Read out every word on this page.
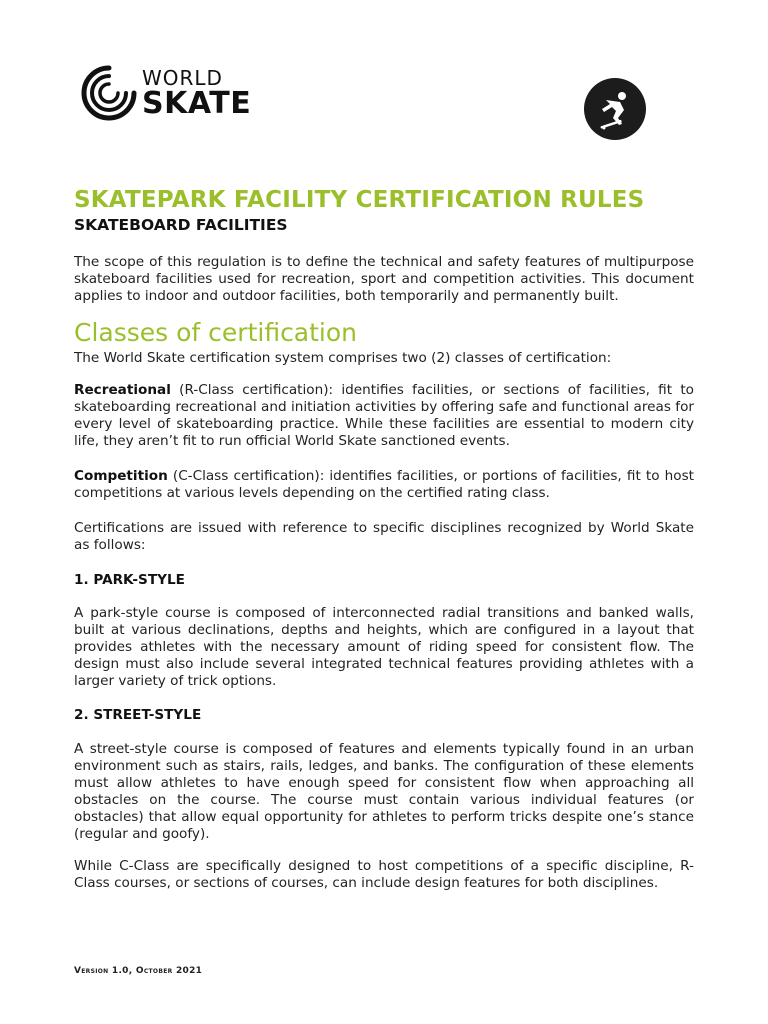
WORLD
SKATE
SKATEPARK FACILITY CERTIFICATION RULES
SKATEBOARD FACILITIES
The scope of this regulation is to define the technical and safety features of multipurpose skateboard facilities used for recreation, sport and competition activities. This document applies to indoor and outdoor facilities, both temporarily and permanently built.
Classes of certification
The World Skate certification system comprises two (2) classes of certification:
Recreational (R-Class certification): identifies facilities, or sections of facilities, fit to skateboarding recreational and initiation activities by offering safe and functional areas for every level of skateboarding practice. While these facilities are essential to modern city life, they aren’t fit to run official World Skate sanctioned events.
Competition (C-Class certification): identifies facilities, or portions of facilities, fit to host competitions at various levels depending on the certified rating class.
Certifications are issued with reference to specific disciplines recognized by World Skate as follows:
1. PARK-STYLE
A park-style course is composed of interconnected radial transitions and banked walls, built at various declinations, depths and heights, which are configured in a layout that provides athletes with the necessary amount of riding speed for consistent flow. The design must also include several integrated technical features providing athletes with a larger variety of trick options.
2. STREET-STYLE
A street-style course is composed of features and elements typically found in an urban environment such as stairs, rails, ledges, and banks. The configuration of these elements must allow athletes to have enough speed for consistent flow when approaching all obstacles on the course. The course must contain various individual features (or obstacles) that allow equal opportunity for athletes to perform tricks despite one’s stance (regular and goofy).
While C-Class are specifically designed to host competitions of a specific discipline, R-Class courses, or sections of courses, can include design features for both disciplines.
Version 1.0, October 2021
